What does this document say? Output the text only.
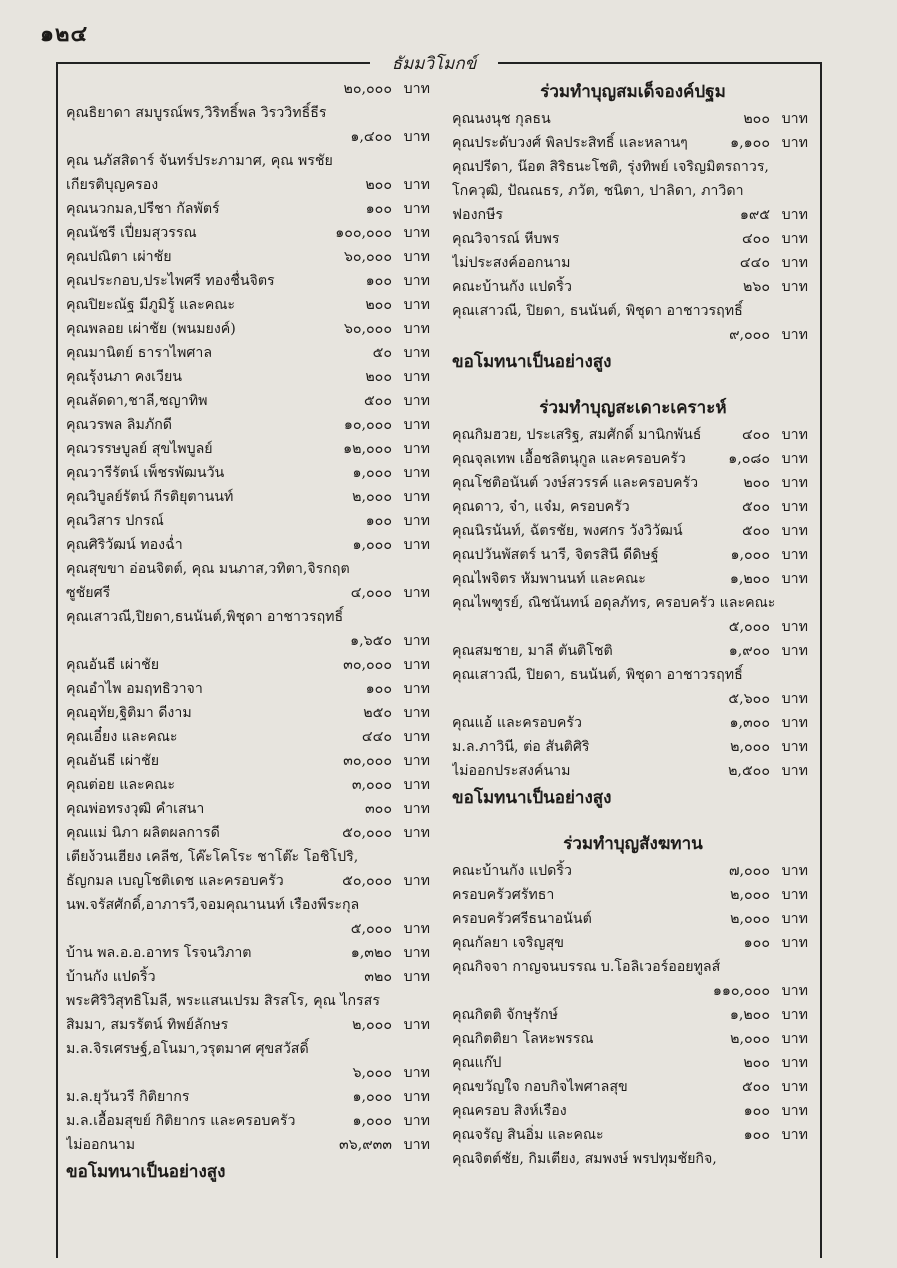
๑๒๔
ธัมมวิโมกข์
๒๐,๐๐๐ บาท
คุณธิยาดา สมบูรณ์พร,วิริทธิ์พล วิรววิทธิ์ธีร
๑,๔๐๐ บาท
คุณ นภัสสิดาร์ จันทร์ประภามาศ, คุณ พรชัย
เกียรติบุญครอง	๒๐๐ บาท
คุณนวกมล,ปรีชา กัลพัตร์	๑๐๐ บาท
คุณนัชรี เปี่ยมสุวรรณ	๑๐๐,๐๐๐ บาท
คุณปณิตา เผ่าชัย	๖๐,๐๐๐ บาท
คุณประกอบ,ประไพศรี ทองชื่นจิตร	๑๐๐ บาท
คุณปิยะณัฐ มีภูมิรู้ และคณะ	๒๐๐ บาท
คุณพลอย เผ่าชัย (พนมยงค์)	๖๐,๐๐๐ บาท
คุณมานิตย์ ธาราไพศาล	๕๐ บาท
คุณรุ้งนภา คงเวียน	๒๐๐ บาท
คุณลัดดา,ชาลี,ชญาทิพ	๕๐๐ บาท
คุณวรพล ลิมภักดี	๑๐,๐๐๐ บาท
คุณวรรษบูลย์ สุขไพบูลย์	๑๒,๐๐๐ บาท
คุณวารีรัตน์ เพ็ชรพัฒนวัน	๑,๐๐๐ บาท
คุณวิบูลย์รัตน์ กีรติยุตานนท์	๒,๐๐๐ บาท
คุณวิสาร ปกรณ์	๑๐๐ บาท
คุณศิริวัฒน์ ทองฉ่ำ	๑,๐๐๐ บาท
คุณสุขขา อ่อนจิตต์, คุณ มนภาส,วทิตา,จิรกฤต
ซูชัยศรี	๔,๐๐๐ บาท
คุณเสาวณี,ปิยดา,ธนนันต์,พิชุดา อาชาวรฤทธิ์
๑,๖๕๐ บาท
คุณอันธี เผ่าชัย	๓๐,๐๐๐ บาท
คุณอำไพ อมฤทธิวาจา	๑๐๐ บาท
คุณอุทัย,ฐิติมา ดีงาม	๒๕๐ บาท
คุณเอี๋ยง และคณะ	๔๔๐ บาท
คุณอันธี เผ่าชัย	๓๐,๐๐๐ บาท
คุณต่อย และคณะ	๓,๐๐๐ บาท
คุณพ่อทรงวุฒิ คำเสนา	๓๐๐ บาท
คุณแม่ นิภา ผลิตผลการดี	๕๐,๐๐๐ บาท
เตียง้วนเฮียง เคลีช, โค๊ะโคโระ ชาโต๊ะ โอชิโปริ,
ธัญกมล เบญโชติเดช และครอบครัว	๕๐,๐๐๐ บาท
นพ.จรัสศักดิ์,อาภารวี,จอมคุณานนท์ เรืองพีระกุล
๕,๐๐๐ บาท
บ้าน พล.อ.อ.อาทร โรจนวิภาต	๑,๓๒๐ บาท
บ้านกัง แปดริ้ว	๓๒๐ บาท
พระศิริวิสุทธิโมลี, พระแสนเปรม สิรสโร, คุณ ไกรสร
สิมมา, สมรรัตน์ ทิพย์ลักษร	๒,๐๐๐ บาท
ม.ล.จิรเศรษฐ์,อโนมา,วรุตมาศ ศุขสวัสดิ์
๖,๐๐๐ บาท
ม.ล.ยุวันวรี กิติยากร	๑,๐๐๐ บาท
ม.ล.เอื้อมสุขย์ กิติยากร และครอบครัว	๑,๐๐๐ บาท
ไม่ออกนาม	๓๖,๙๓๓ บาท
ขอโมทนาเป็นอย่างสูง
ร่วมทำบุญสมเด็จองค์ปฐม
คุณนงนุช กุลธน	๒๐๐ บาท
คุณประดับวงศ์ พิลประสิทธิ์ และหลานๆ	๑,๑๐๐ บาท
คุณปรีดา, น๊อต สิริธนะโชติ, รุ่งทิพย์ เจริญมิตรถาวร,
โกควุฒิ, ปัณณธร, ภวัต, ชนิตา, ปาลิดา, ภาวิดา
ฟองกษีร	๑๙๕ บาท
คุณวิจารณ์ หีบพร	๔๐๐ บาท
ไม่ประสงค์ออกนาม	๔๔๐ บาท
คณะบ้านกัง แปดริ้ว	๒๖๐ บาท
คุณเสาวณี, ปิยดา, ธนนันต์, พิชุดา อาชาวรฤทธิ์
๙,๐๐๐ บาท
ขอโมทนาเป็นอย่างสูง
ร่วมทำบุญสะเดาะเคราะห์
คุณกิมฮวย, ประเสริฐ, สมศักดิ์ มานิกพันธ์	๔๐๐ บาท
คุณจุลเทพ เอื้อชลิตนุกูล และครอบครัว	๑,๐๘๐ บาท
คุณโชติอนันต์ วงษ์สวรรค์ และครอบครัว	๒๐๐ บาท
คุณดาว, จ๋า, แจ๋ม, ครอบครัว	๕๐๐ บาท
คุณนิรนันท์, ฉัตรชัย, พงศกร วังวิวัฒน์	๕๐๐ บาท
คุณปวันพัสตร์ นารี, จิตรสินี ดีดิษฐ์	๑,๐๐๐ บาท
คุณไพจิตร หัมพานนท์ และคณะ	๑,๒๐๐ บาท
คุณไพฑูรย์, ณิชนันทน์ อดุลภัทร, ครอบครัว และคณะ
๕,๐๐๐ บาท
คุณสมชาย, มาลี ตันติโชติ	๑,๙๐๐ บาท
คุณเสาวณี, ปิยดา, ธนนันต์, พิชุดา อาชาวรฤทธิ์
๕,๖๐๐ บาท
คุณแอ้ และครอบครัว	๑,๓๐๐ บาท
ม.ล.ภาวินี, ต่อ สันติศิริ	๒,๐๐๐ บาท
ไม่ออกประสงค์นาม	๒,๕๐๐ บาท
ขอโมทนาเป็นอย่างสูง
ร่วมทำบุญสังฆทาน
คณะบ้านกัง แปดริ้ว	๗,๐๐๐ บาท
ครอบครัวศรัทธา	๒,๐๐๐ บาท
ครอบครัวศรีธนาอนันต์	๒,๐๐๐ บาท
คุณกัลยา เจริญสุข	๑๐๐ บาท
คุณกิจจา กาญจนบรรณ บ.โอลิเวอร์ออยทูลส์
๑๑๐,๐๐๐ บาท
คุณกิตติ จักษุรักษ์	๑,๒๐๐ บาท
คุณกิตติยา โลหะพรรณ	๒,๐๐๐ บาท
คุณแก๊ป	๒๐๐ บาท
คุณขวัญใจ กอบกิจไพศาลสุข	๕๐๐ บาท
คุณครอบ สิงห์เรือง	๑๐๐ บาท
คุณจรัญ สินอิ่ม และคณะ	๑๐๐ บาท
คุณจิตต์ชัย, กิมเตียง, สมพงษ์ พรปทุมชัยกิจ,
